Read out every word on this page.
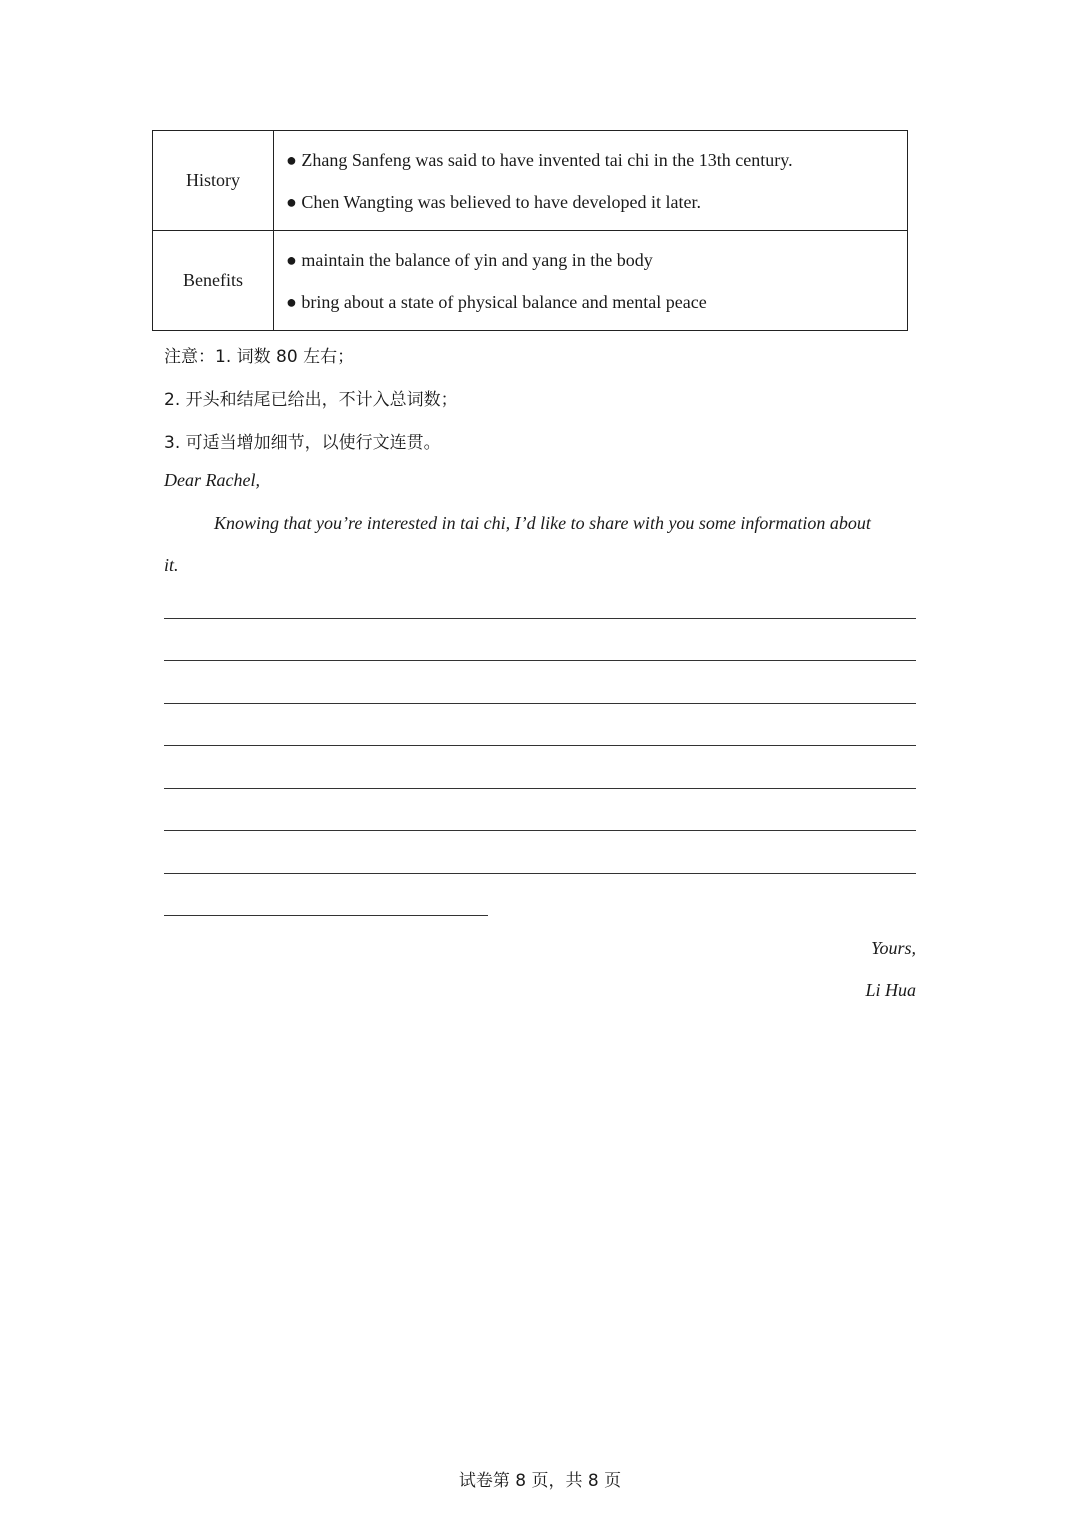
History	● Zhang Sanfeng was said to have invented tai chi in the 13th century.
● Chen Wangting was believed to have developed it later.

Benefits	● maintain the balance of yin and yang in the body
● bring about a state of physical balance and mental peace
注意：1. 词数 80 左右；
2. 开头和结尾已给出，不计入总词数；
3. 可适当增加细节，以使行文连贯。
Dear Rachel,
Knowing that you’re interested in tai chi, I’d like to share with you some information about
it.
Yours,
Li Hua
试卷第 8 页，共 8 页
